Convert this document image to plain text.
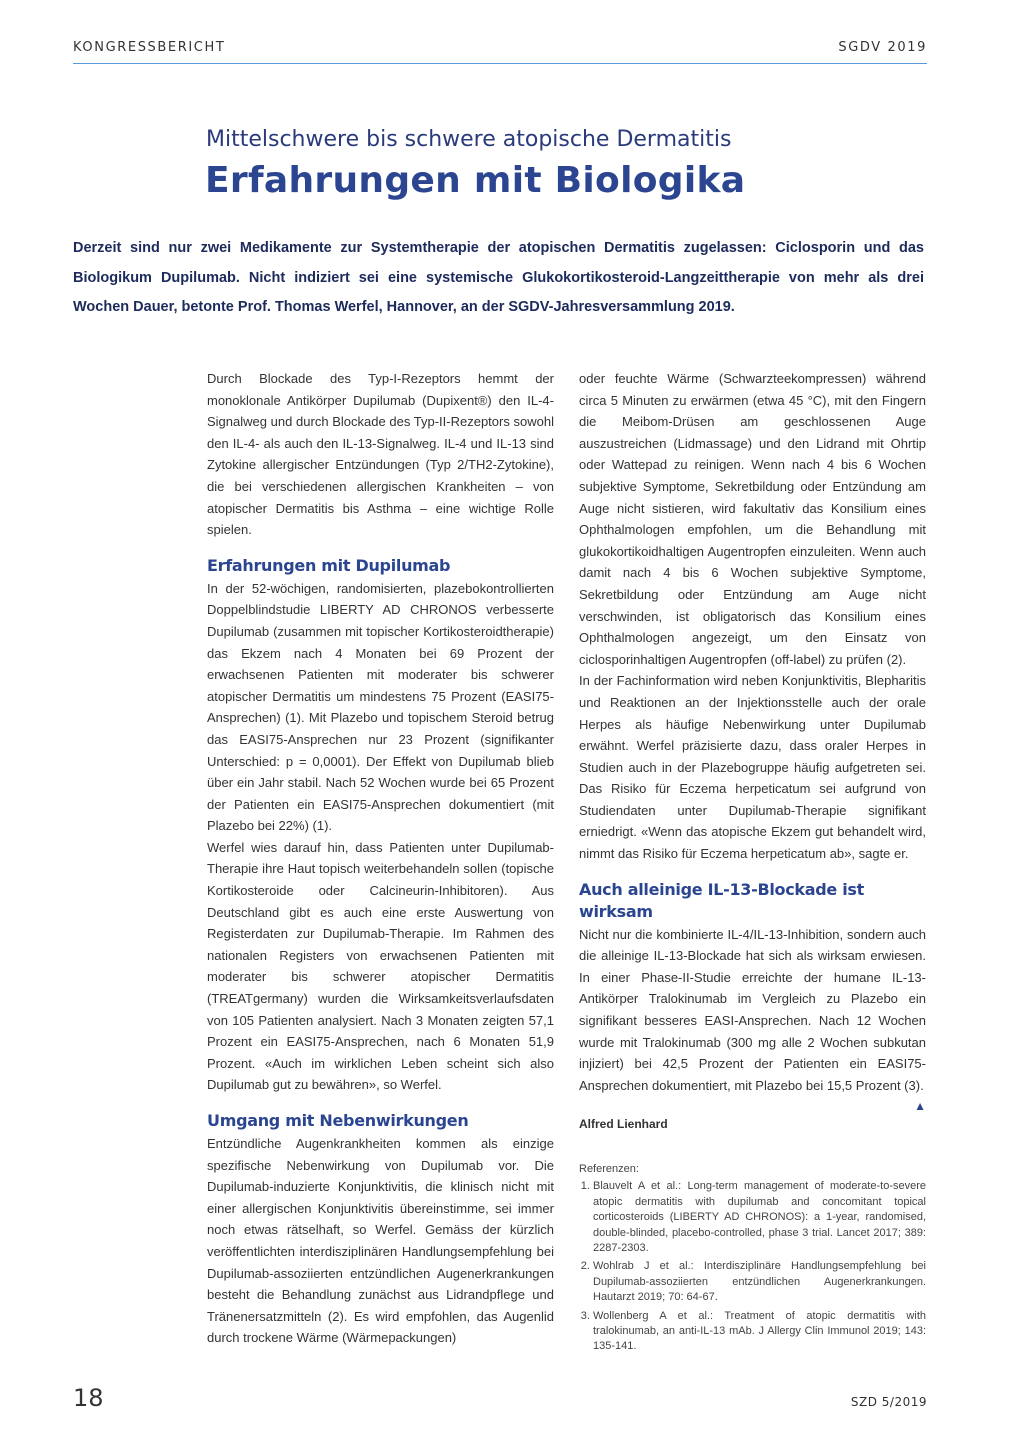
KONGRESSBERICHT	SGDV 2019
Mittelschwere bis schwere atopische Dermatitis
Erfahrungen mit Biologika
Derzeit sind nur zwei Medikamente zur Systemtherapie der atopischen Dermatitis zugelassen: Ciclosporin und das Biologikum Dupilumab. Nicht indiziert sei eine systemische Glukokortikosteroid-Langzeittherapie von mehr als drei Wochen Dauer, betonte Prof. Thomas Werfel, Hannover, an der SGDV-Jahresversammlung 2019.

Durch Blockade des Typ-I-Rezeptors hemmt der monoklonale Antikörper Dupilumab (Dupixent®) den IL-4-Signalweg und durch Blockade des Typ-II-Rezeptors sowohl den IL-4- als auch den IL-13-Signalweg. IL-4 und IL-13 sind Zytokine allergischer Entzündungen (Typ 2/TH2-Zytokine), die bei verschiedenen allergischen Krankheiten – von atopischer Dermatitis bis Asthma – eine wichtige Rolle spielen.

Erfahrungen mit Dupilumab

In der 52-wöchigen, randomisierten, plazebokontrollierten Doppelblindstudie LIBERTY AD CHRONOS verbesserte Dupilumab (zusammen mit topischer Kortikosteroidtherapie) das Ekzem nach 4 Monaten bei 69 Prozent der erwachsenen Patienten mit moderater bis schwerer atopischer Dermatitis um mindestens 75 Prozent (EASI75-Ansprechen) (1). Mit Plazebo und topischem Steroid betrug das EASI75-Ansprechen nur 23 Prozent (signifikanter Unterschied: p = 0,0001). Der Effekt von Dupilumab blieb über ein Jahr stabil. Nach 52 Wochen wurde bei 65 Prozent der Patienten ein EASI75-Ansprechen dokumentiert (mit Plazebo bei 22%) (1).

Werfel wies darauf hin, dass Patienten unter Dupilumab-Therapie ihre Haut topisch weiterbehandeln sollen (topische Kortikosteroide oder Calcineurin-Inhibitoren). Aus Deutschland gibt es auch eine erste Auswertung von Registerdaten zur Dupilumab-Therapie. Im Rahmen des nationalen Registers von erwachsenen Patienten mit moderater bis schwerer atopischer Dermatitis (TREATgermany) wurden die Wirksamkeitsverlaufsdaten von 105 Patienten analysiert. Nach 3 Monaten zeigten 57,1 Prozent ein EASI75-Ansprechen, nach 6 Monaten 51,9 Prozent. «Auch im wirklichen Leben scheint sich also Dupilumab gut zu bewähren», so Werfel.

Umgang mit Nebenwirkungen

Entzündliche Augenkrankheiten kommen als einzige spezifische Nebenwirkung von Dupilumab vor. Die Dupilumab-induzierte Konjunktivitis, die klinisch nicht mit einer allergischen Konjunktivitis übereinstimme, sei immer noch etwas rätselhaft, so Werfel. Gemäss der kürzlich veröffentlichten interdisziplinären Handlungsempfehlung bei Dupilumab-assoziierten entzündlichen Augenerkrankungen besteht die Behandlung zunächst aus Lidrandpflege und Tränenersatzmitteln (2). Es wird empfohlen, das Augenlid durch trockene Wärme (Wärmepackungen)

oder feuchte Wärme (Schwarzteekompressen) während circa 5 Minuten zu erwärmen (etwa 45 °C), mit den Fingern die Meibom-Drüsen am geschlossenen Auge auszustreichen (Lidmassage) und den Lidrand mit Ohrtip oder Wattepad zu reinigen. Wenn nach 4 bis 6 Wochen subjektive Symptome, Sekretbildung oder Entzündung am Auge nicht sistieren, wird fakultativ das Konsilium eines Ophthalmologen empfohlen, um die Behandlung mit glukokortikoidhaltigen Augentropfen einzuleiten. Wenn auch damit nach 4 bis 6 Wochen subjektive Symptome, Sekretbildung oder Entzündung am Auge nicht verschwinden, ist obligatorisch das Konsilium eines Ophthalmologen angezeigt, um den Einsatz von ciclosporinhaltigen Augentropfen (off-label) zu prüfen (2).

In der Fachinformation wird neben Konjunktivitis, Blepharitis und Reaktionen an der Injektionsstelle auch der orale Herpes als häufige Nebenwirkung unter Dupilumab erwähnt. Werfel präzisierte dazu, dass oraler Herpes in Studien auch in der Plazebogruppe häufig aufgetreten sei. Das Risiko für Eczema herpeticatum sei aufgrund von Studiendaten unter Dupilumab-Therapie signifikant erniedrigt. «Wenn das atopische Ekzem gut behandelt wird, nimmt das Risiko für Eczema herpeticatum ab», sagte er.

Auch alleinige IL-13-Blockade ist wirksam

Nicht nur die kombinierte IL-4/IL-13-Inhibition, sondern auch die alleinige IL-13-Blockade hat sich als wirksam erwiesen. In einer Phase-II-Studie erreichte der humane IL-13-Antikörper Tralokinumab im Vergleich zu Plazebo ein signifikant besseres EASI-Ansprechen. Nach 12 Wochen wurde mit Tralokinumab (300 mg alle 2 Wochen subkutan injiziert) bei 42,5 Prozent der Patienten ein EASI75-Ansprechen dokumentiert, mit Plazebo bei 15,5 Prozent (3).
▲

Alfred Lienhard

Referenzen:

1. Blauvelt A et al.: Long-term management of moderate-to-severe atopic dermatitis with dupilumab and concomitant topical corticosteroids (LIBERTY AD CHRONOS): a 1-year, randomised, double-blinded, placebo-controlled, phase 3 trial. Lancet 2017; 389: 2287-2303.
2. Wohlrab J et al.: Interdisziplinäre Handlungsempfehlung bei Dupilumab-assoziierten entzündlichen Augenerkrankungen. Hautarzt 2019; 70: 64-67.
3. Wollenberg A et al.: Treatment of atopic dermatitis with tralokinumab, an anti-IL-13 mAb. J Allergy Clin Immunol 2019; 143: 135-141.
18	SZD 5/2019
